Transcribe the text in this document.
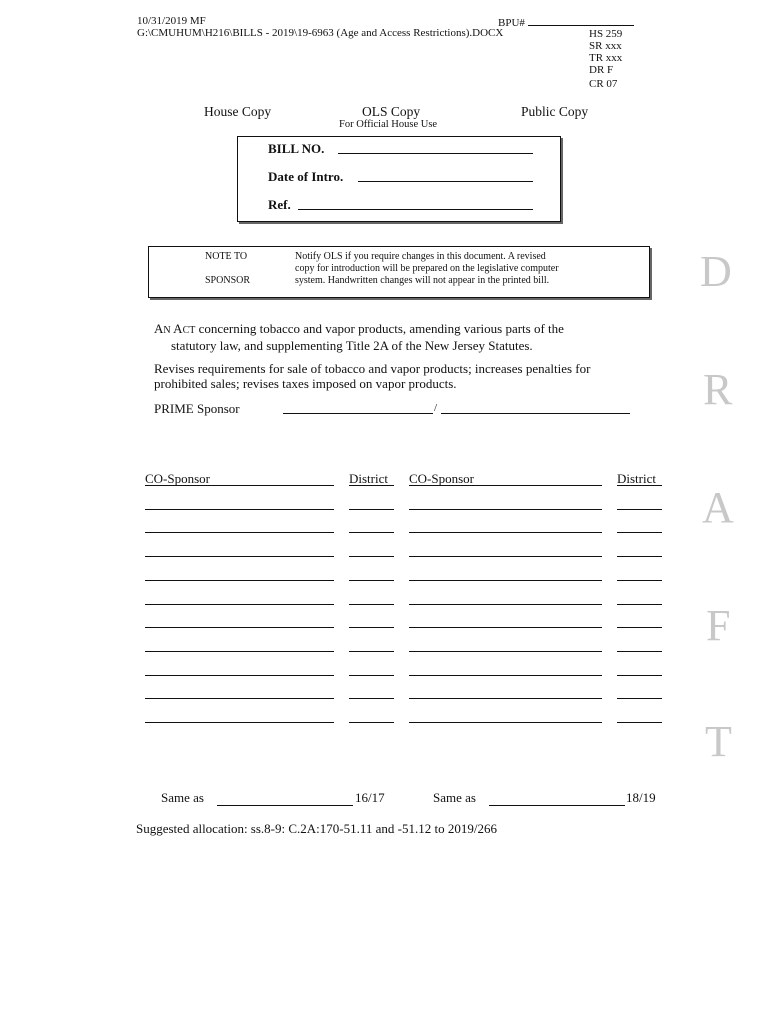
10/31/2019 MF
G:\CMUHUM\H216\BILLS - 2019\19-6963 (Age and Access Restrictions).DOCX
BPU#
HS 259
SR xxx
TR xxx
DR F
CR 07
House Copy	OLS Copy
For Official House Use
Public Copy
BILL NO.
Date of Intro.
Ref.
NOTE TO
SPONSOR
Notify OLS if you require changes in this document. A revised
copy for introduction will be prepared on the legislative computer
system. Handwritten changes will not appear in the printed bill.
AN ACT concerning tobacco and vapor products, amending various parts of the
statutory law, and supplementing Title 2A of the New Jersey Statutes.
Revises requirements for sale of tobacco and vapor products; increases penalties for
prohibited sales; revises taxes imposed on vapor products.
PRIME Sponsor	/
CO-Sponsor	District CO-Sponsor	District
Same as	16/17	Same as	18/19
Suggested allocation: ss.8-9: C.2A:170-51.11 and -51.12 to 2019/266
D
R
A
F
T
